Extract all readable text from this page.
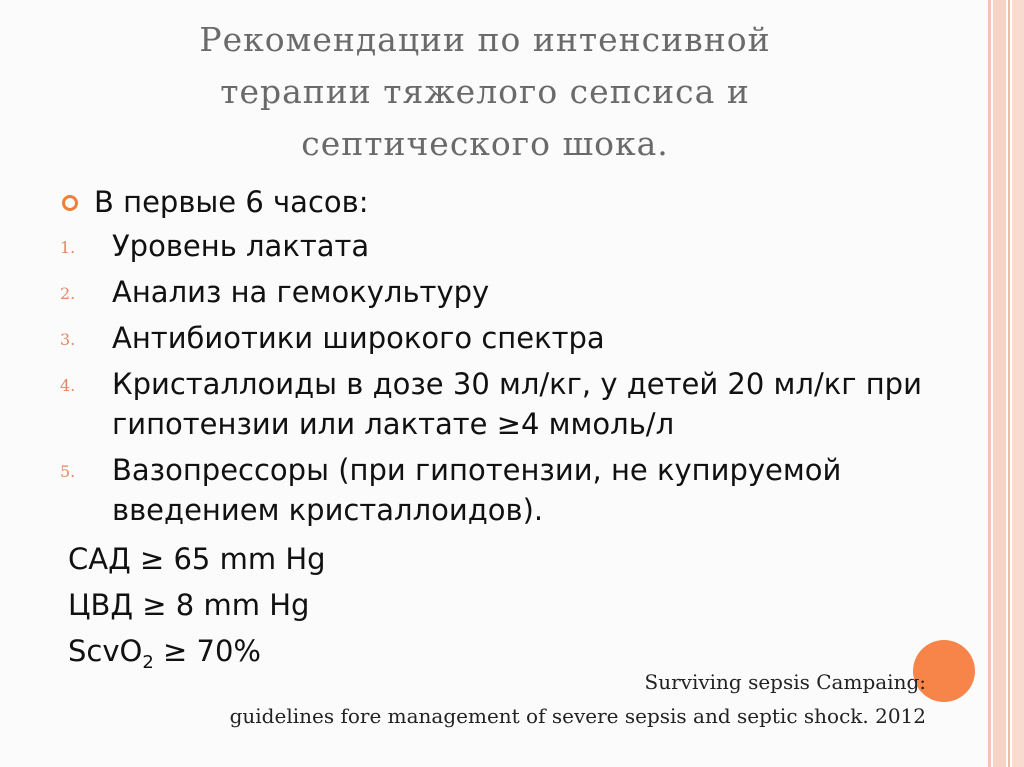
Рекомендации по интенсивной
терапии тяжелого сепсиса и
септического шока.
В первые 6 часов:
1. Уровень лактата
2. Анализ на гемокультуру
3. Антибиотики широкого спектра
4. Кристаллоиды в дозе 30 мл/кг, у детей 20 мл/кг при гипотензии или лактате ≥4 ммоль/л
5. Вазопрессоры (при гипотензии, не купируемой введением кристаллоидов).
САД ≥ 65 mm Hg
ЦВД ≥ 8 mm Hg
ScvO$_2$ ≥ 70%
Surviving sepsis Campaing:
guidelines fore management of severe sepsis and septic shock. 2012
